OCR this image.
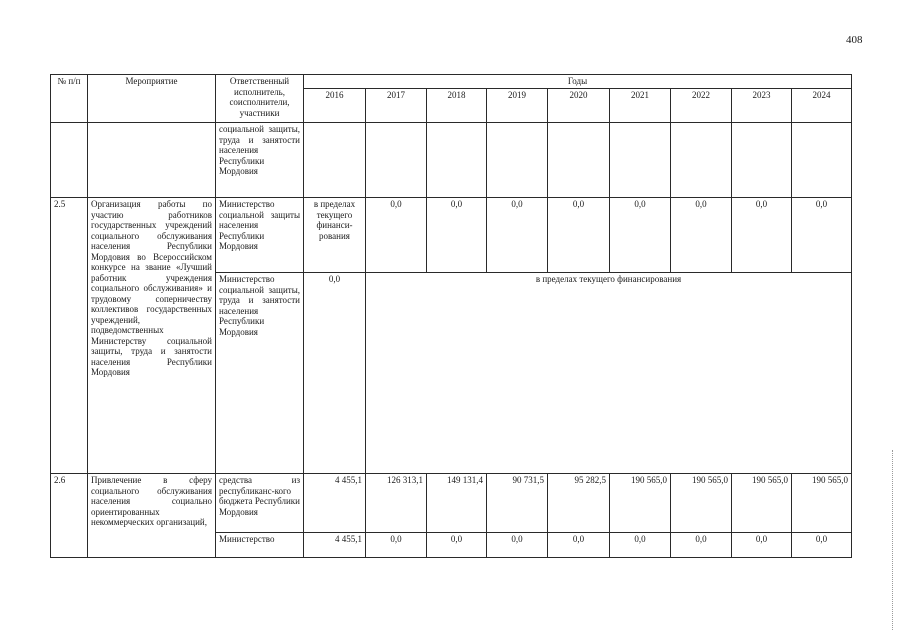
408
№ п/п	Мероприятие	Ответственный исполнитель, соисполнители, участники	Годы								
			2016	2017	2018	2019	2020	2021	2022	2023	2024
		социальной защиты, труда и занятости населения Республики Мордовия									
2.5	Организация работы по участию работников государственных учреждений социального обслуживания населения Республики Мордовия во Всероссийском конкурсе на звание «Лучший работник учреждения социального обслуживания» и трудовому соперничеству коллективов государственных учреждений, подведомственных Министерству социальной защиты, труда и занятости населения Республики Мордовия	Министерство социальной защиты населения Республики Мордовия	в пределах текущего финанси-рования	0,0	0,0	0,0	0,0	0,0	0,0	0,0	0,0
		Министерство социальной защиты, труда и занятости населения Республики Мордовия	0,0	в пределах текущего финансирования							
2.6	Привлечение в сферу социального обслуживания населения социально ориентированных некоммерческих организаций,	средства из республиканс-кого бюджета Республики Мордовия	4 455,1	126 313,1	149 131,4	90 731,5	95 282,5	190 565,0	190 565,0	190 565,0	190 565,0
		Министерство	4 455,1	0,0	0,0	0,0	0,0	0,0	0,0	0,0	0,0
